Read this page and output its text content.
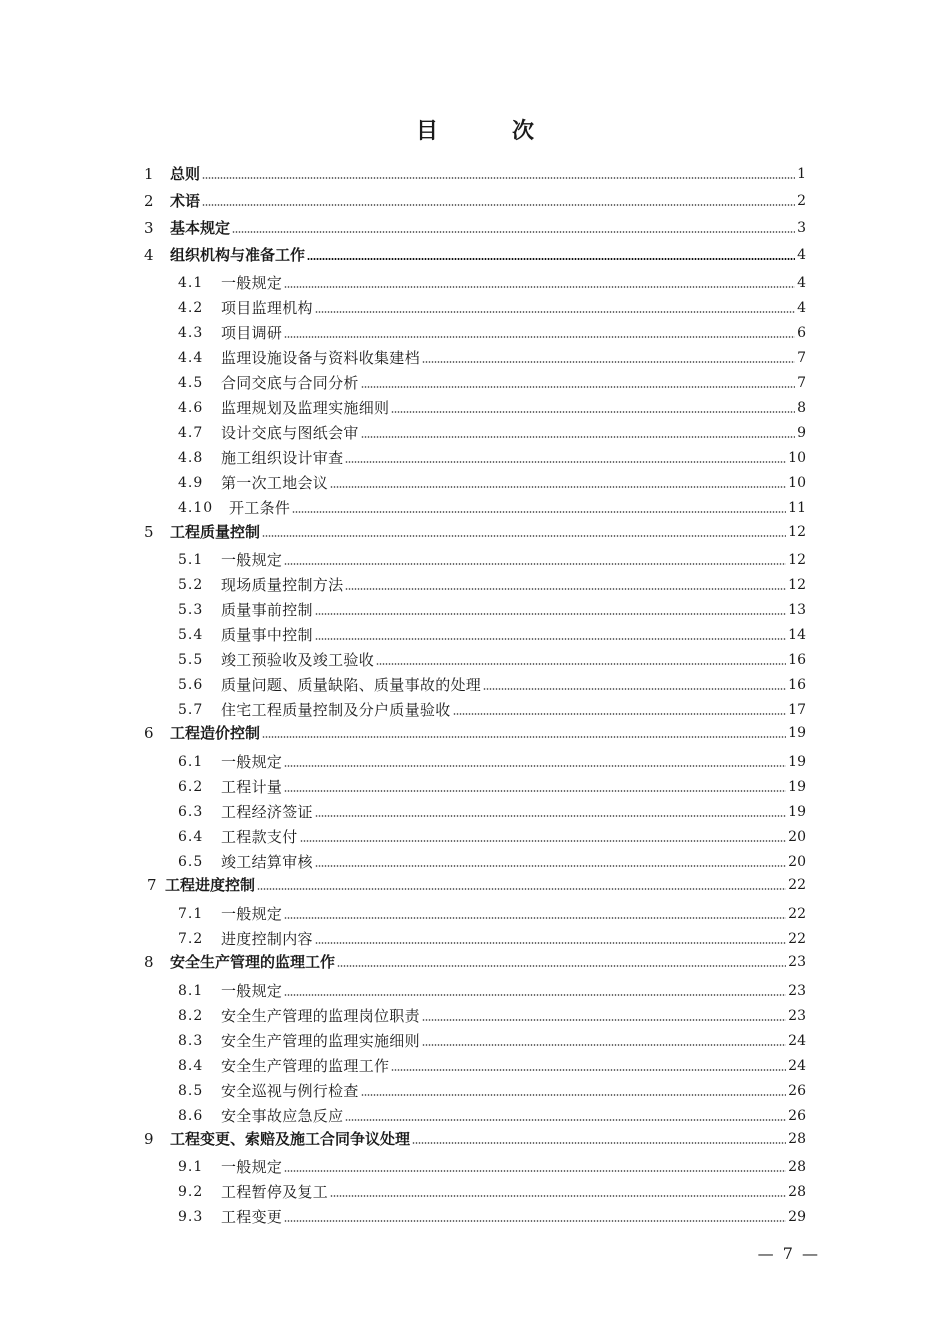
目　次
1	总则	1
2	术语	2
3	基本规定	3
4	组织机构与准备工作	4
4.1	一般规定	4
4.2	项目监理机构	4
4.3	项目调研	6
4.4	监理设施设备与资料收集建档	7
4.5	合同交底与合同分析	7
4.6	监理规划及监理实施细则	8
4.7	设计交底与图纸会审	9
4.8	施工组织设计审查	10
4.9	第一次工地会议	10
4.10	开工条件	11
5	工程质量控制	12
5.1	一般规定	12
5.2	现场质量控制方法	12
5.3	质量事前控制	13
5.4	质量事中控制	14
5.5	竣工预验收及竣工验收	16
5.6	质量问题、质量缺陷、质量事故的处理	16
5.7	住宅工程质量控制及分户质量验收	17
6	工程造价控制	19
6.1	一般规定	19
6.2	工程计量	19
6.3	工程经济签证	19
6.4	工程款支付	20
6.5	竣工结算审核	20
7 工程进度控制	22
7.1	一般规定	22
7.2	进度控制内容	22
8	安全生产管理的监理工作	23
8.1	一般规定	23
8.2	安全生产管理的监理岗位职责	23
8.3	安全生产管理的监理实施细则	24
8.4	安全生产管理的监理工作	24
8.5	安全巡视与例行检查	26
8.6	安全事故应急反应	26
9	工程变更、索赔及施工合同争议处理	28
9.1	一般规定	28
9.2	工程暂停及复工	28
9.3	工程变更	29
— 7 —
